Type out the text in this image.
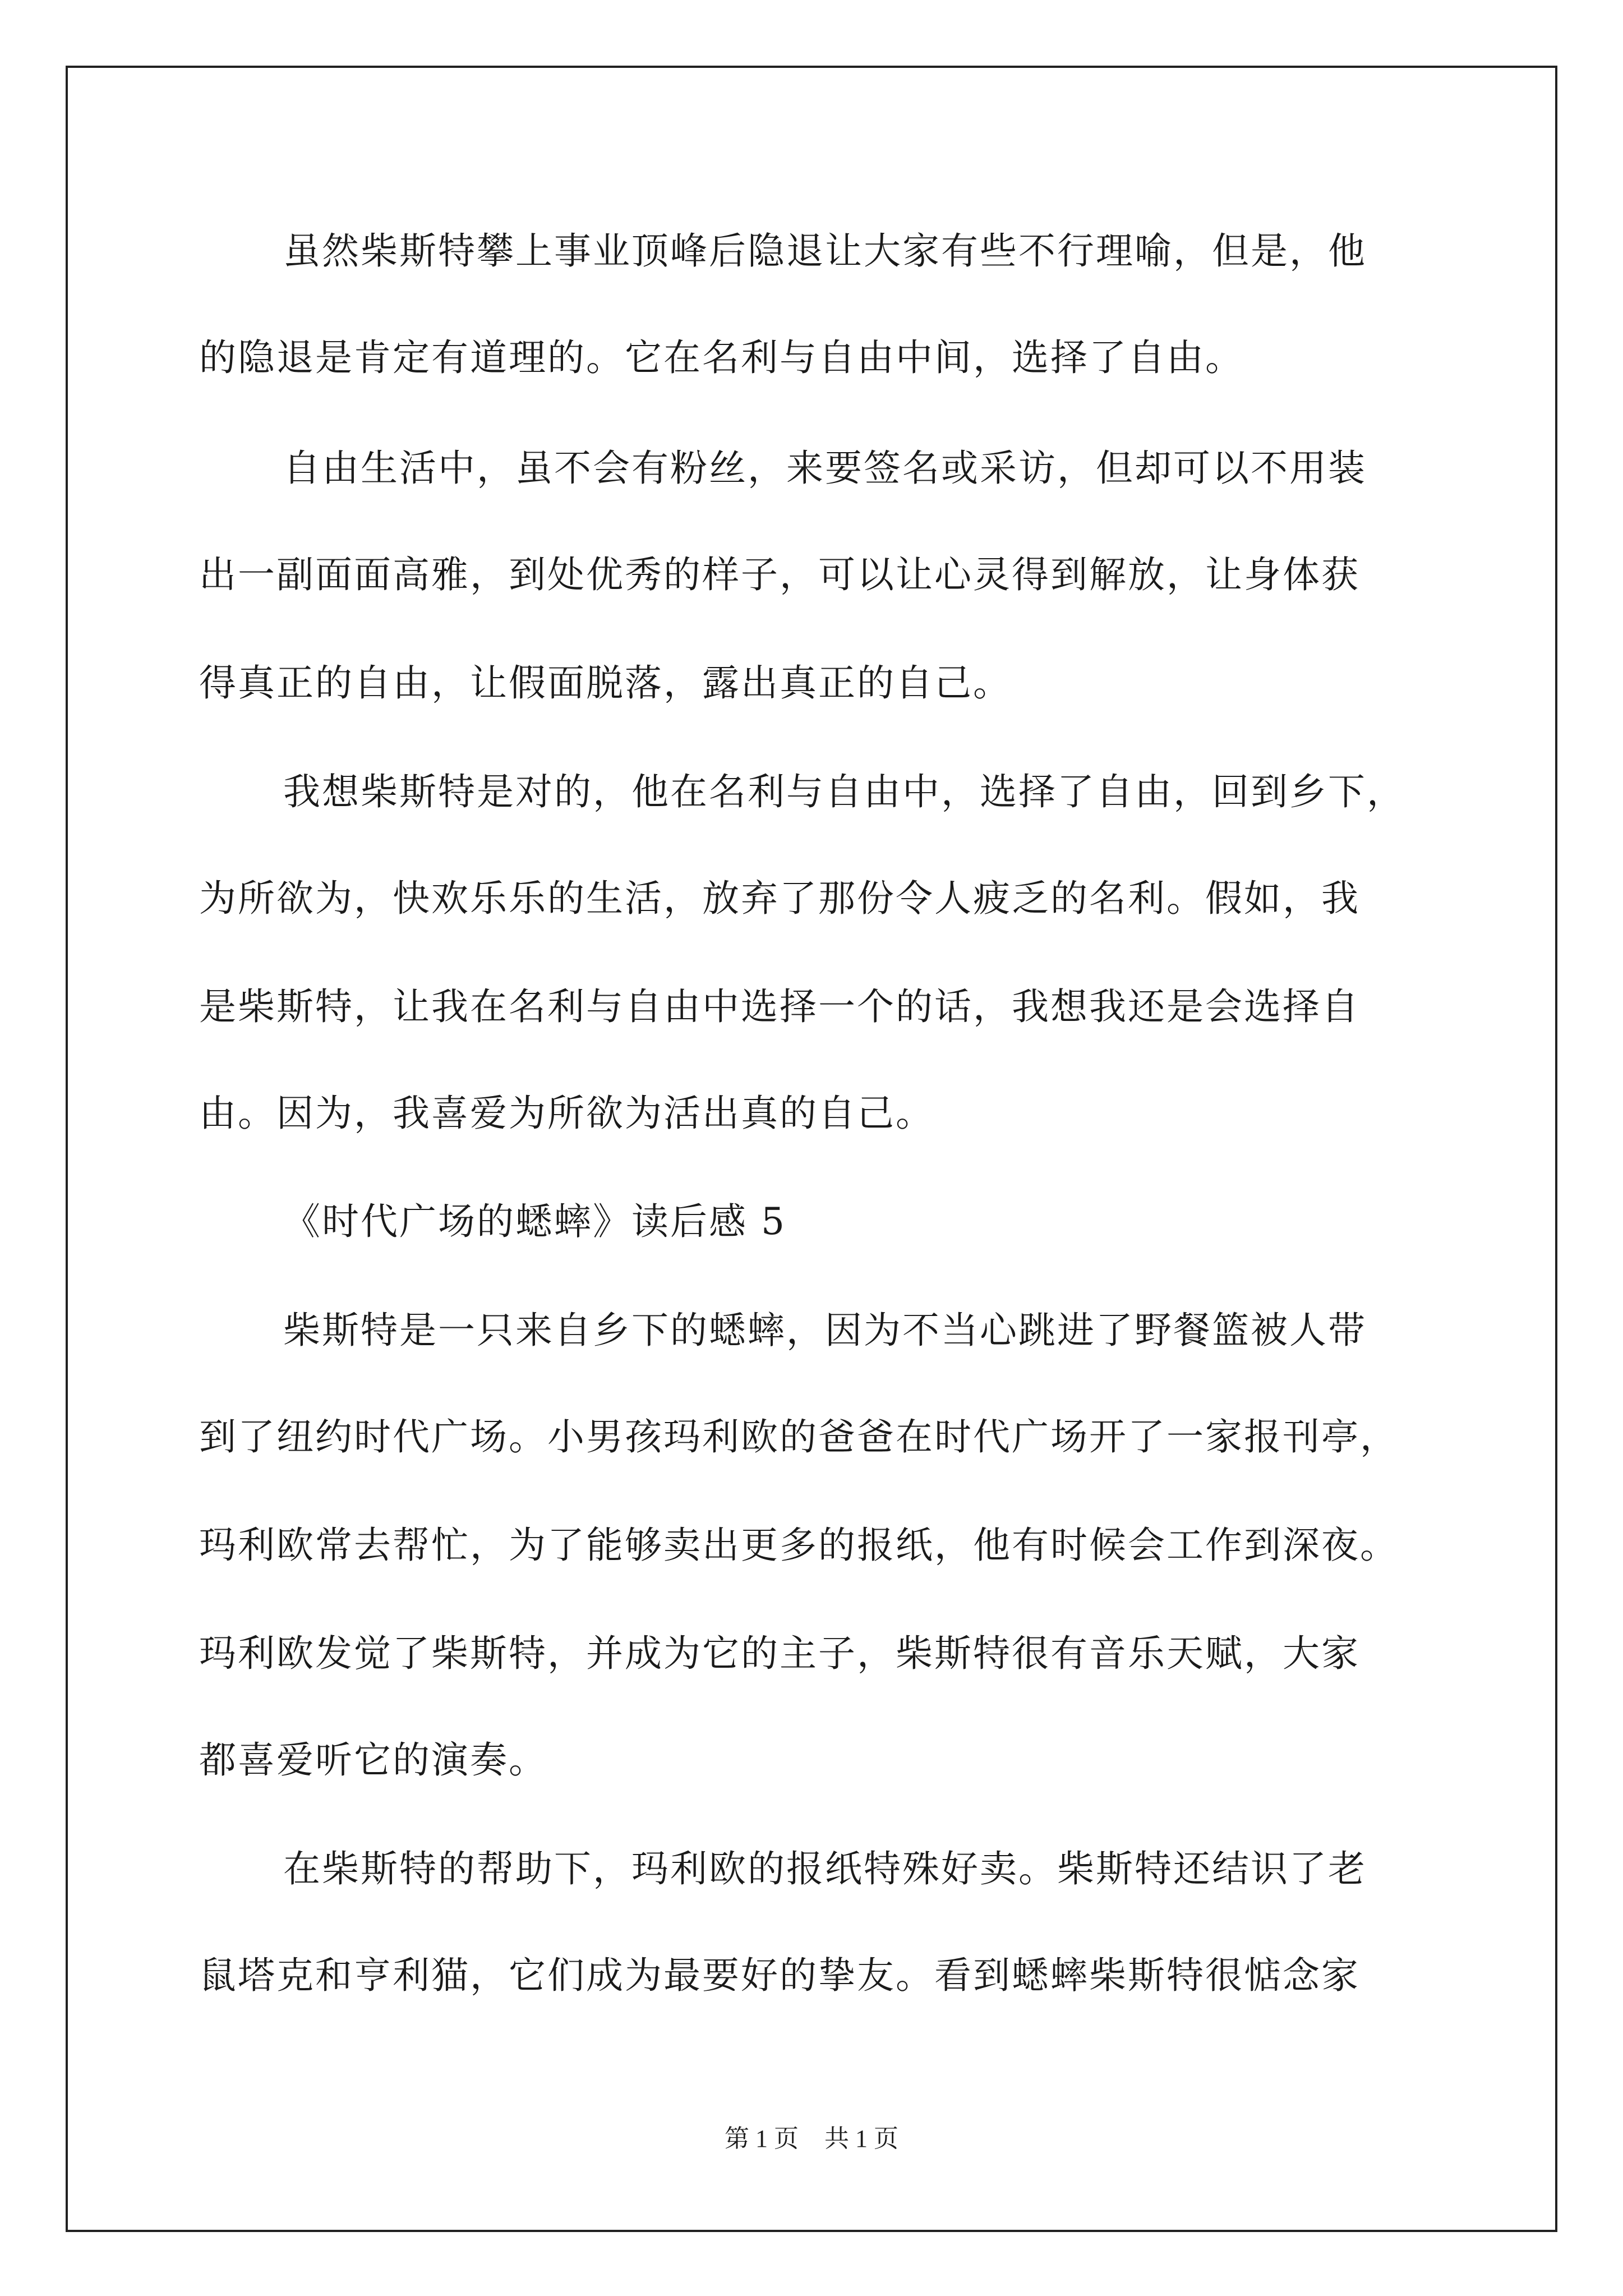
虽然柴斯特攀上事业顶峰后隐退让大家有些不行理喻，但是，他
的隐退是肯定有道理的。它在名利与自由中间，选择了自由。
自由生活中，虽不会有粉丝，来要签名或采访，但却可以不用装
出一副面面高雅，到处优秀的样子，可以让心灵得到解放，让身体获
得真正的自由，让假面脱落，露出真正的自己。
我想柴斯特是对的，他在名利与自由中，选择了自由，回到乡下，
为所欲为，快欢乐乐的生活，放弃了那份令人疲乏的名利。假如，我
是柴斯特，让我在名利与自由中选择一个的话，我想我还是会选择自
由。因为，我喜爱为所欲为活出真的自己。
《时代广场的蟋蟀》读后感 5
柴斯特是一只来自乡下的蟋蟀，因为不当心跳进了野餐篮被人带
到了纽约时代广场。小男孩玛利欧的爸爸在时代广场开了一家报刊亭，
玛利欧常去帮忙，为了能够卖出更多的报纸，他有时候会工作到深夜。
玛利欧发觉了柴斯特，并成为它的主子，柴斯特很有音乐天赋，大家
都喜爱听它的演奏。
在柴斯特的帮助下，玛利欧的报纸特殊好卖。柴斯特还结识了老
鼠塔克和亨利猫，它们成为最要好的挚友。看到蟋蟀柴斯特很惦念家
第 1 页 共 1 页
